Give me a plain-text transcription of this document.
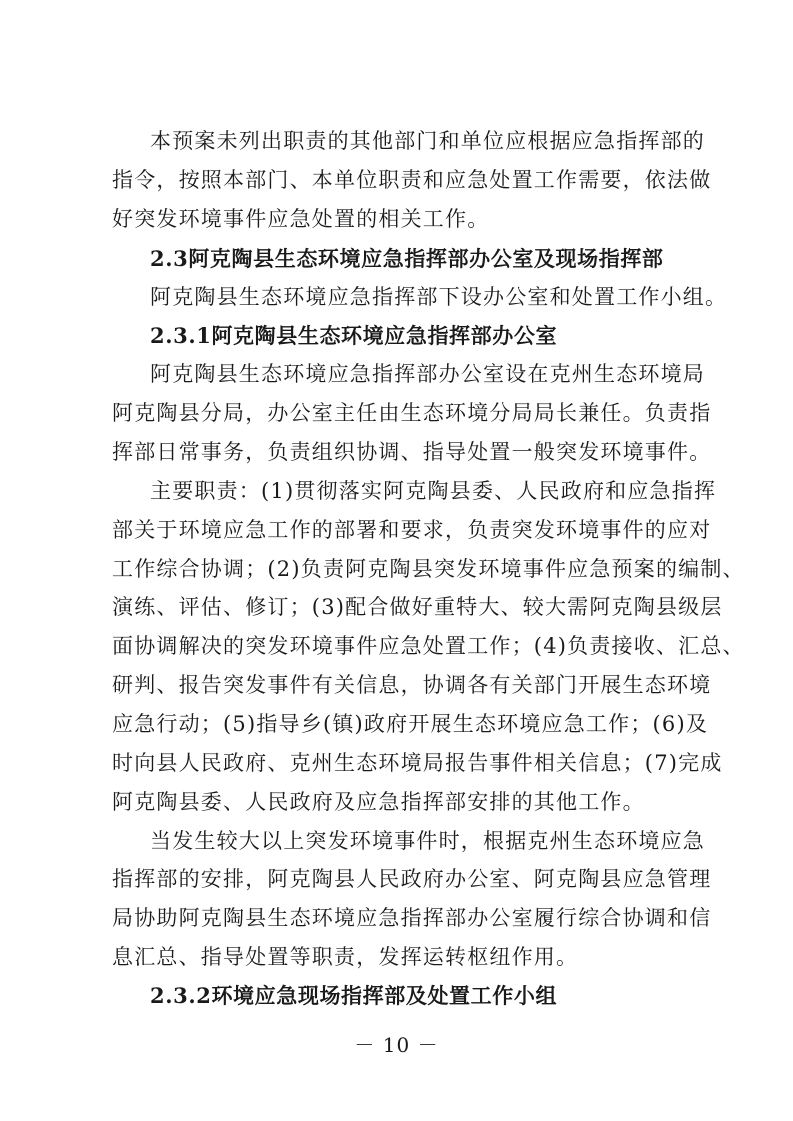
本预案未列出职责的其他部门和单位应根据应急指挥部的
指令，按照本部门、本单位职责和应急处置工作需要，依法做
好突发环境事件应急处置的相关工作。
2.3阿克陶县生态环境应急指挥部办公室及现场指挥部
阿克陶县生态环境应急指挥部下设办公室和处置工作小组。
2.3.1阿克陶县生态环境应急指挥部办公室
阿克陶县生态环境应急指挥部办公室设在克州生态环境局
阿克陶县分局，办公室主任由生态环境分局局长兼任。负责指
挥部日常事务，负责组织协调、指导处置一般突发环境事件。
主要职责：(1)贯彻落实阿克陶县委、人民政府和应急指挥
部关于环境应急工作的部署和要求，负责突发环境事件的应对
工作综合协调；(2)负责阿克陶县突发环境事件应急预案的编制、
演练、评估、修订；(3)配合做好重特大、较大需阿克陶县级层
面协调解决的突发环境事件应急处置工作；(4)负责接收、汇总、
研判、报告突发事件有关信息，协调各有关部门开展生态环境
应急行动；(5)指导乡(镇)政府开展生态环境应急工作；(6)及
时向县人民政府、克州生态环境局报告事件相关信息；(7)完成
阿克陶县委、人民政府及应急指挥部安排的其他工作。
当发生较大以上突发环境事件时，根据克州生态环境应急
指挥部的安排，阿克陶县人民政府办公室、阿克陶县应急管理
局协助阿克陶县生态环境应急指挥部办公室履行综合协调和信
息汇总、指导处置等职责，发挥运转枢纽作用。
2.3.2环境应急现场指挥部及处置工作小组
－ 10 －
